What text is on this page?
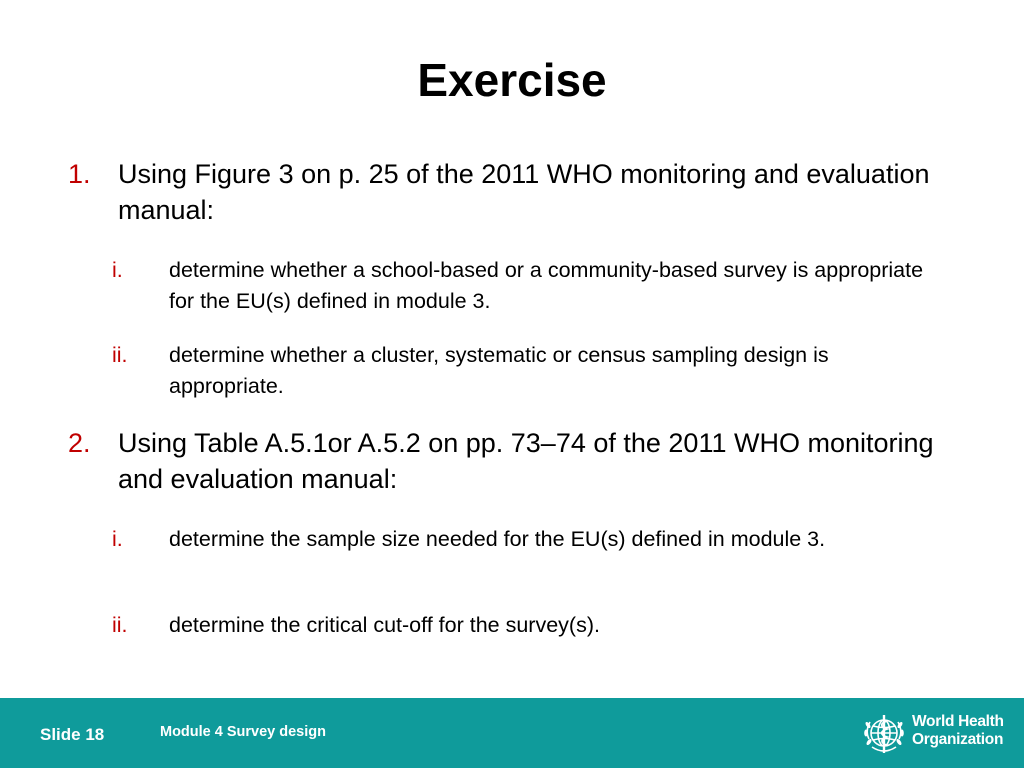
Exercise
1.	Using Figure 3 on p. 25 of the 2011 WHO monitoring and evaluation manual:
i.	determine whether a school-based or a community-based survey is appropriate for the EU(s) defined in module 3.
ii.	determine whether a cluster, systematic or census sampling design is appropriate.
2.	Using Table A.5.1or A.5.2 on pp. 73–74 of the 2011 WHO monitoring and evaluation manual:
i.	determine the sample size needed for the EU(s) defined in module 3.
ii.	determine the critical cut-off for the survey(s).
Slide 18	Module 4 Survey design
World Health
Organization
